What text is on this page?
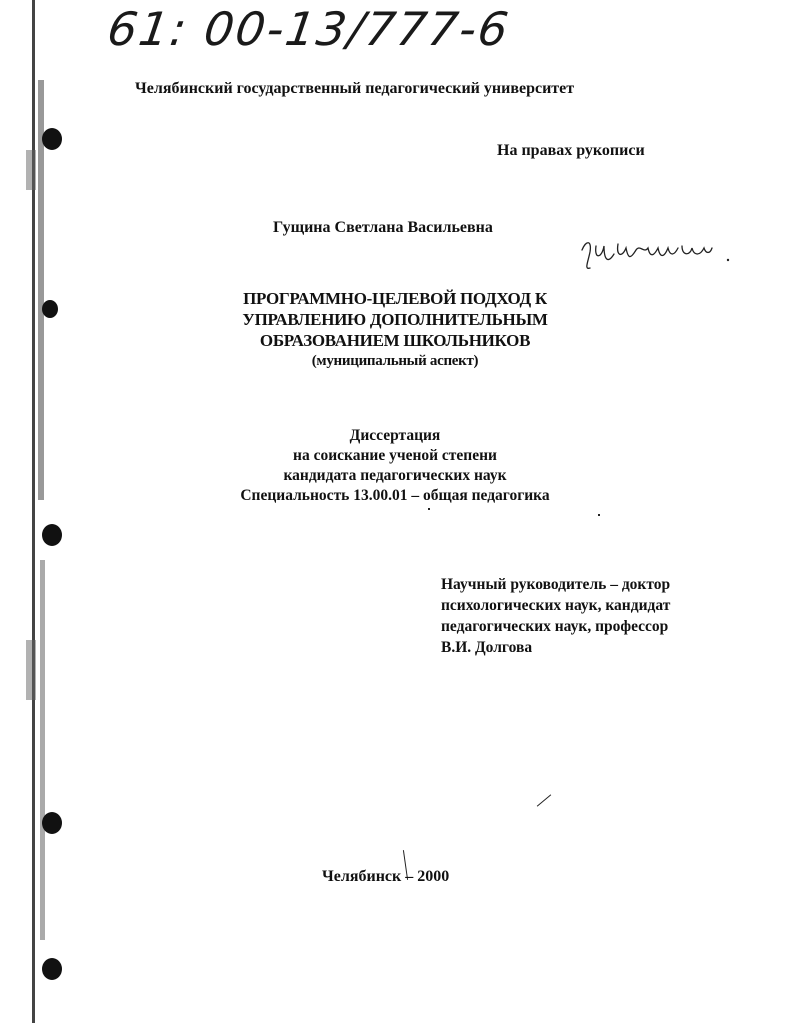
61: 00-13/777-6
Челябинский государственный педагогический университет
На правах рукописи
Гущина Светлана Васильевна
ПРОГРАММНО-ЦЕЛЕВОЙ ПОДХОД К
УПРАВЛЕНИЮ ДОПОЛНИТЕЛЬНЫМ
ОБРАЗОВАНИЕМ ШКОЛЬНИКОВ
(муниципальный аспект)
Диссертация
на соискание ученой степени
кандидата педагогических наук
Специальность 13.00.01 – общая педагогика
Научный руководитель – доктор
психологических наук, кандидат
педагогических наук, профессор
В.И. Долгова
Челябинск – 2000
